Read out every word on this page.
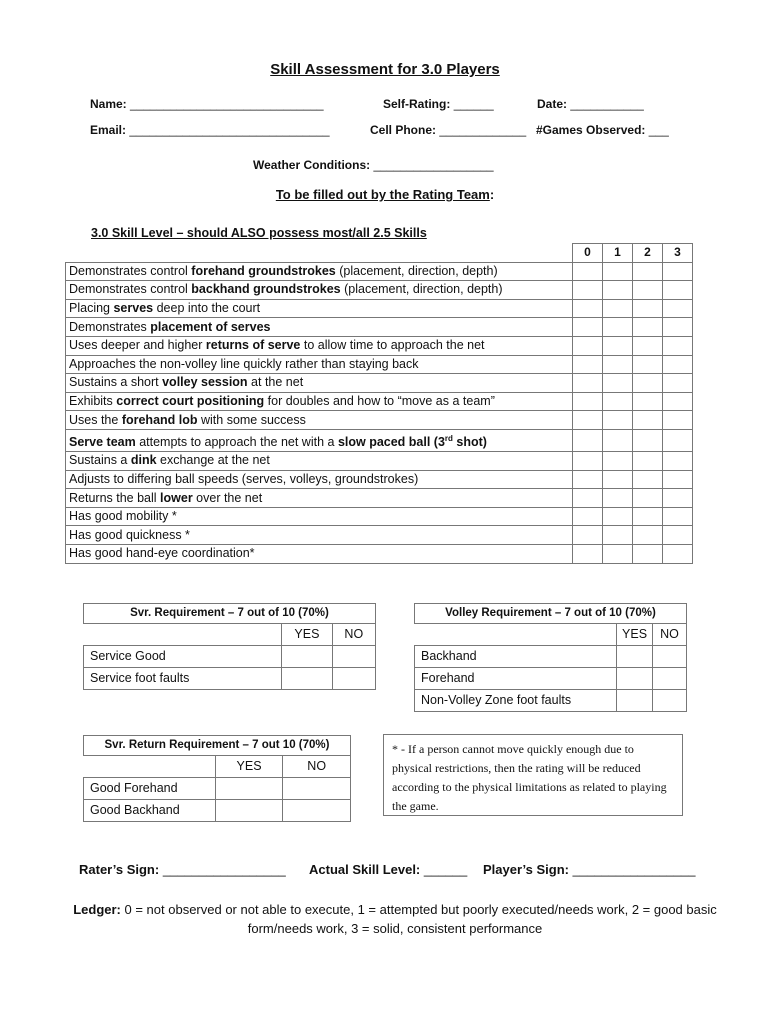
Skill Assessment for 3.0 Players
Name: _____________________________	Self-Rating: ______	Date: ___________
Email: ______________________________	Cell Phone: _____________ #Games Observed: ___
Weather Conditions: __________________
To be filled out by the Rating Team:
3.0 Skill Level – should ALSO possess most/all 2.5 Skills
	0	1	2	3
Demonstrates control forehand groundstrokes (placement, direction, depth)				
Demonstrates control backhand groundstrokes (placement, direction, depth)				
Placing serves deep into the court				
Demonstrates placement of serves				
Uses deeper and higher returns of serve to allow time to approach the net				
Approaches the non-volley line quickly rather than staying back				
Sustains a short volley session at the net				
Exhibits correct court positioning for doubles and how to “move as a team”				
Uses the forehand lob with some success				
Serve team attempts to approach the net with a slow paced ball (3rd shot)				
Sustains a dink exchange at the net				
Adjusts to differing ball speeds (serves, volleys, groundstrokes)				
Returns the ball lower over the net				
Has good mobility *				
Has good quickness *				
Has good hand-eye coordination*				
Svr. Requirement – 7 out of 10 (70%)		
	YES	NO
Service Good		
Service foot faults		
Volley Requirement – 7 out of 10 (70%)		
	YES	NO
Backhand		
Forehand		
Non-Volley Zone foot faults		
Svr. Return Requirement – 7 out 10 (70%)		
	YES	NO
Good Forehand		
Good Backhand		
* - If a person cannot move quickly enough due to physical restrictions, then the rating will be reduced according to the physical limitations as related to playing the game.
Rater’s Sign: _________________ Actual Skill Level: ______ Player’s Sign: _________________
Ledger: 0 = not observed or not able to execute, 1 = attempted but poorly executed/needs work, 2 = good basic form/needs work, 3 = solid, consistent performance
